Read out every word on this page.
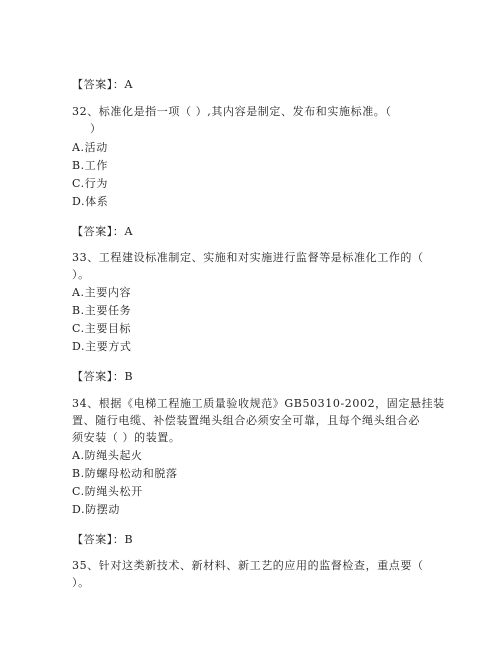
【答案】：A
32、标准化是指一项（ ）,其内容是制定、发布和实施标准。（
）
A.活动
B.工作
C.行为
D.体系
【答案】：A
33、工程建设标准制定、实施和对实施进行监督等是标准化工作的（
）。
A.主要内容
B.主要任务
C.主要目标
D.主要方式
【答案】：B
34、根据《电梯工程施工质量验收规范》GB50310-2002，固定悬挂装
置、随行电缆、补偿装置绳头组合必须安全可靠，且每个绳头组合必
须安装（ ）的装置。
A.防绳头起火
B.防螺母松动和脱落
C.防绳头松开
D.防摆动
【答案】：B
35、针对这类新技术、新材料、新工艺的应用的监督检查，重点要（
）。
